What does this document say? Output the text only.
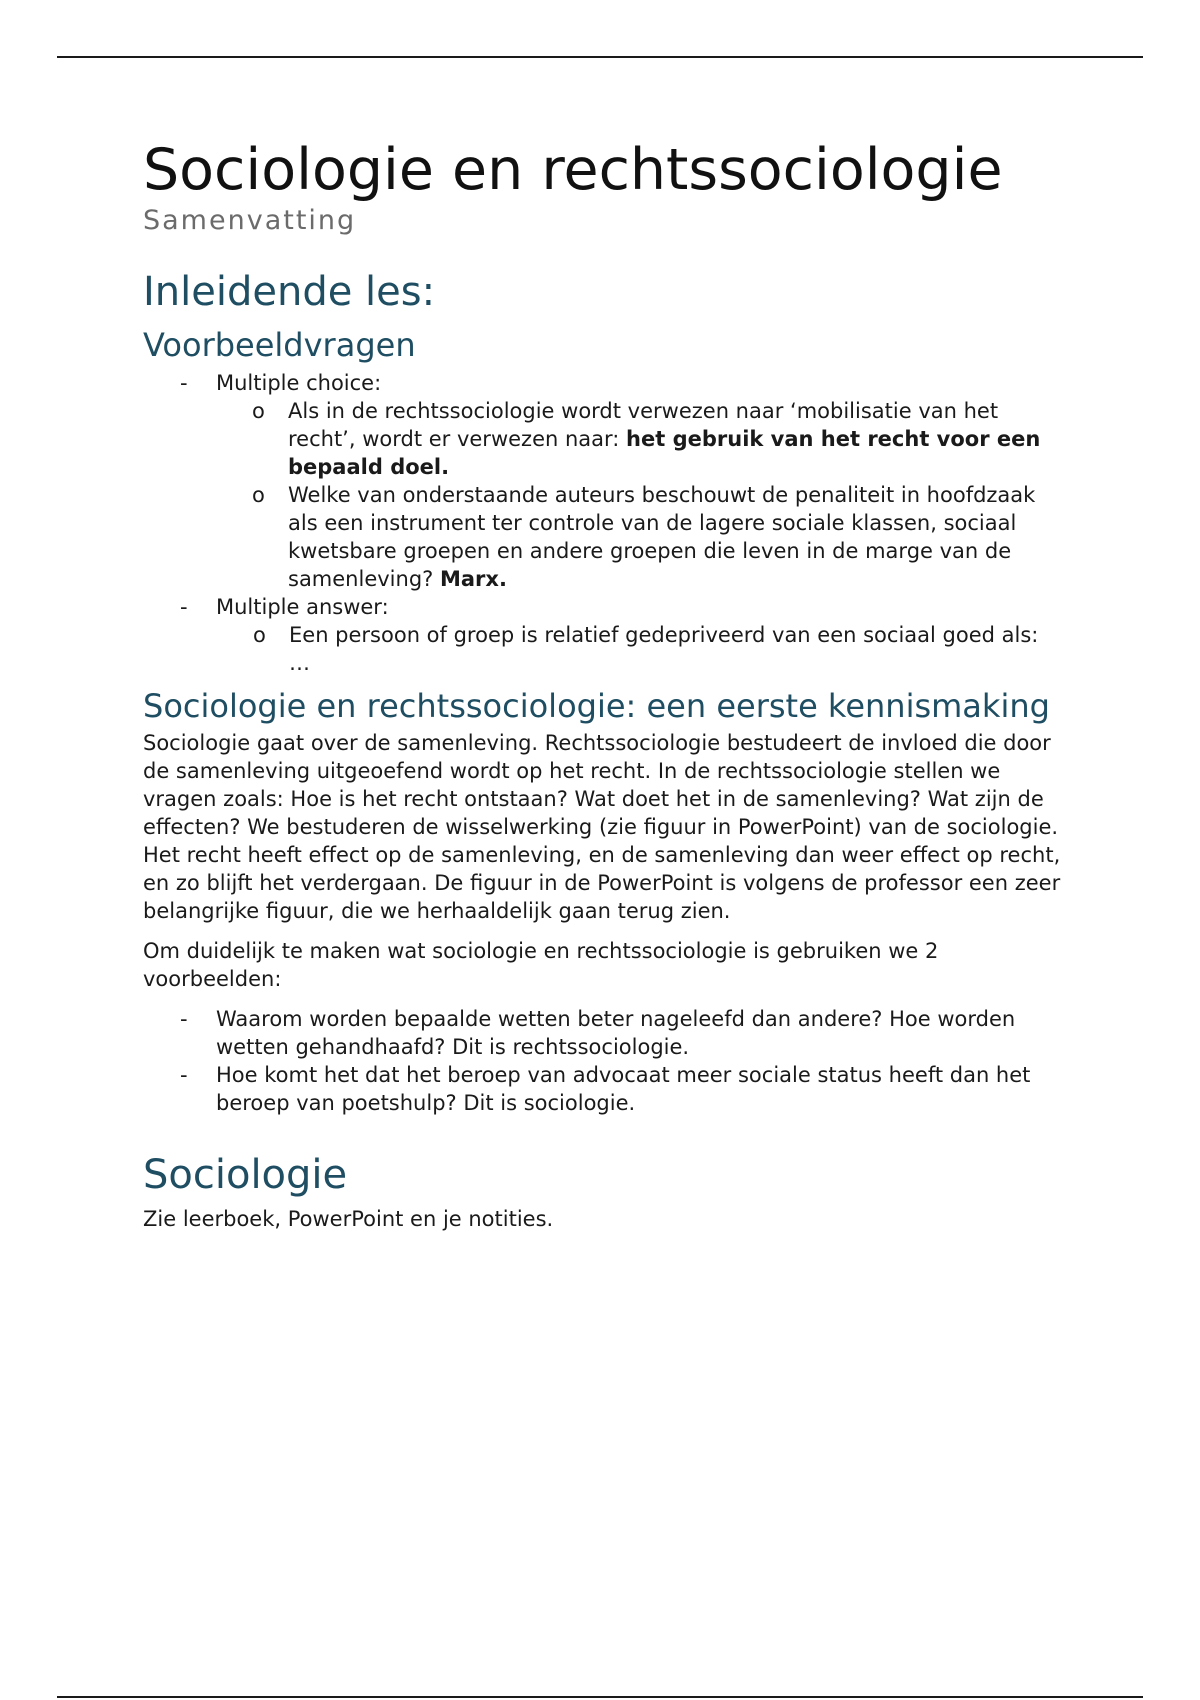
Sociologie en rechtssociologie
Samenvatting
Inleidende les:
Voorbeeldvragen
- Multiple choice:
o Als in de rechtssociologie wordt verwezen naar ‘mobilisatie van het recht’, wordt er verwezen naar: het gebruik van het recht voor een bepaald doel.
o Welke van onderstaande auteurs beschouwt de penaliteit in hoofdzaak als een instrument ter controle van de lagere sociale klassen, sociaal kwetsbare groepen en andere groepen die leven in de marge van de samenleving? Marx.
- Multiple answer:
o Een persoon of groep is relatief gedepriveerd van een sociaal goed als: …
Sociologie en rechtssociologie: een eerste kennismaking

Sociologie gaat over de samenleving. Rechtssociologie bestudeert de invloed die door de samenleving uitgeoefend wordt op het recht. In de rechtssociologie stellen we vragen zoals: Hoe is het recht ontstaan? Wat doet het in de samenleving? Wat zijn de effecten? We bestuderen de wisselwerking (zie figuur in PowerPoint) van de sociologie. Het recht heeft effect op de samenleving, en de samenleving dan weer effect op recht, en zo blijft het verdergaan. De figuur in de PowerPoint is volgens de professor een zeer belangrijke figuur, die we herhaaldelijk gaan terug zien.

Om duidelijk te maken wat sociologie en rechtssociologie is gebruiken we 2 voorbeelden:

- Waarom worden bepaalde wetten beter nageleefd dan andere? Hoe worden wetten gehandhaafd? Dit is rechtssociologie.
- Hoe komt het dat het beroep van advocaat meer sociale status heeft dan het beroep van poetshulp? Dit is sociologie.
Sociologie

Zie leerboek, PowerPoint en je notities.
